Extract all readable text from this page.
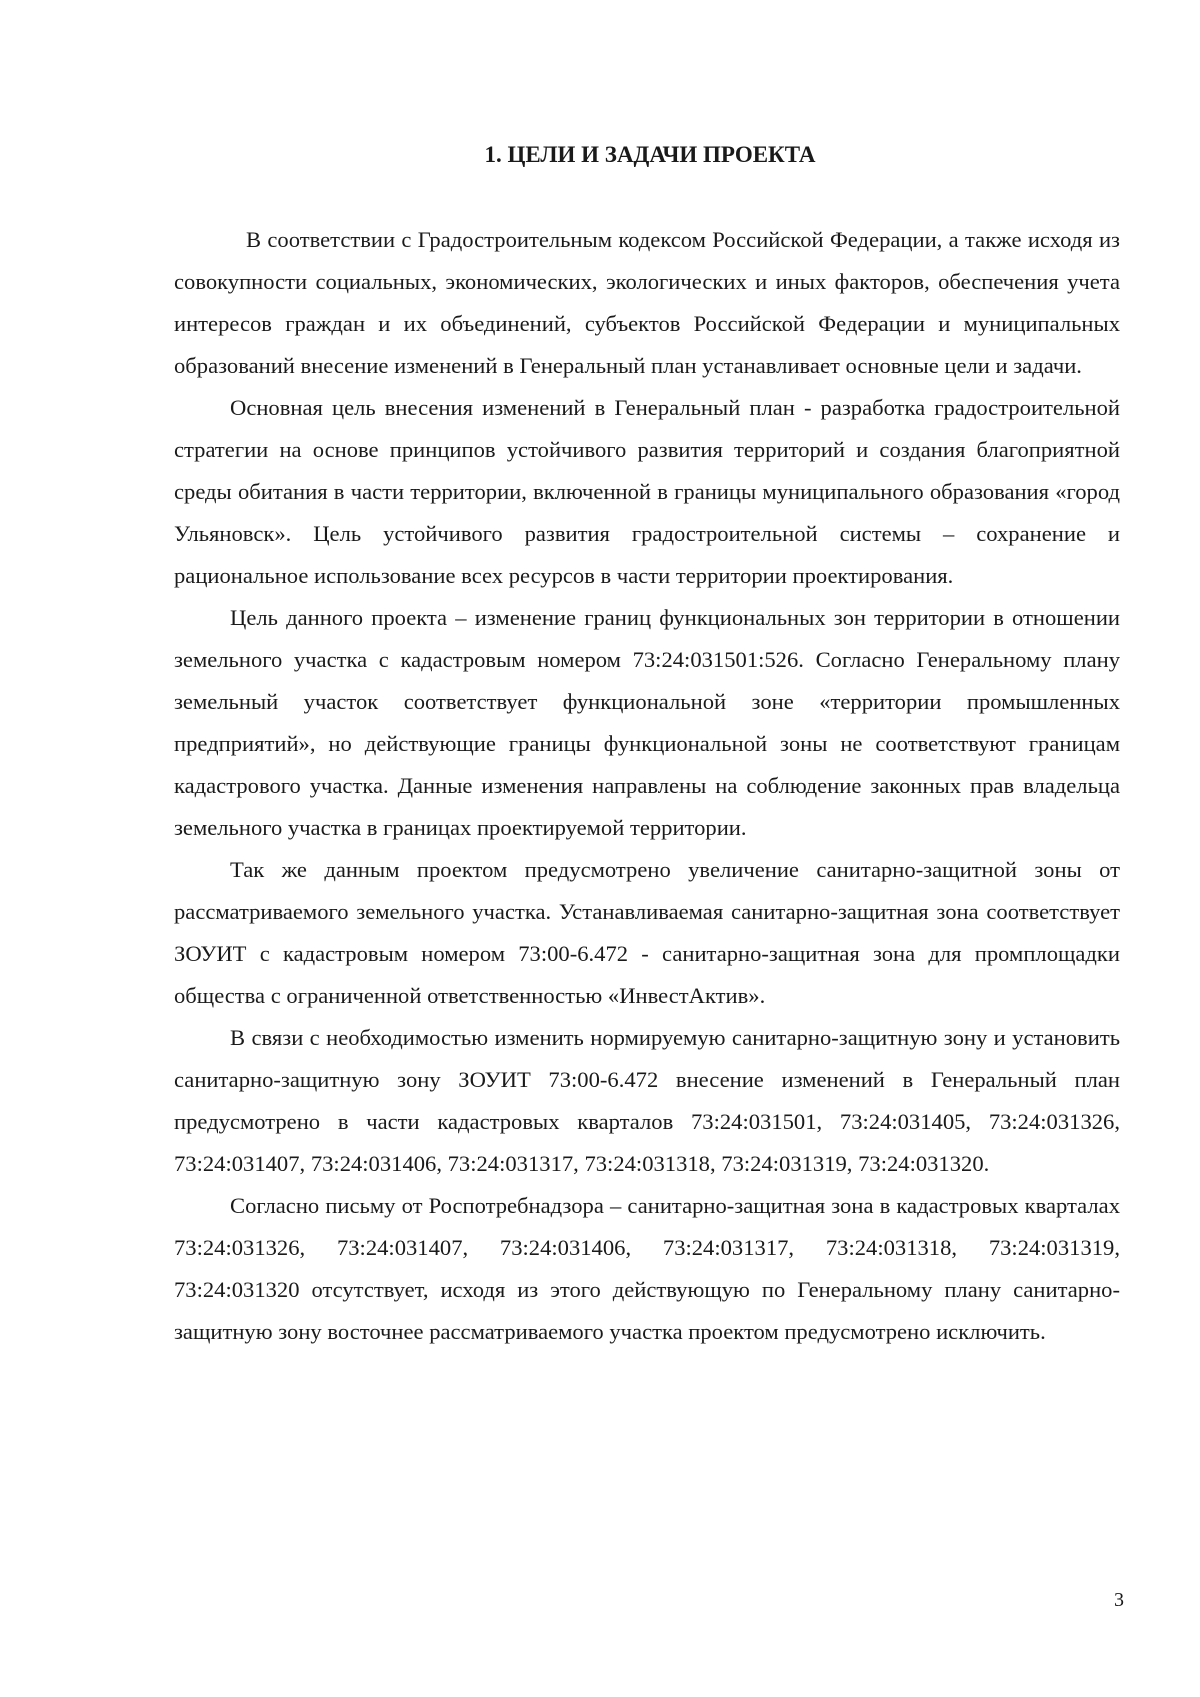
1. ЦЕЛИ И ЗАДАЧИ ПРОЕКТА

В соответствии с Градостроительным кодексом Российской Федерации, а также исходя из совокупности социальных, экономических, экологических и иных факторов, обеспечения учета интересов граждан и их объединений, субъектов Российской Федерации и муниципальных образований внесение изменений в Генеральный план устанавливает основные цели и задачи.

Основная цель внесения изменений в Генеральный план - разработка градостроительной стратегии на основе принципов устойчивого развития территорий и создания благоприятной среды обитания в части территории, включенной в границы муниципального образования «город Ульяновск». Цель устойчивого развития градостроительной системы – сохранение и рациональное использование всех ресурсов в части территории проектирования.

Цель данного проекта – изменение границ функциональных зон территории в отношении земельного участка с кадастровым номером 73:24:031501:526. Согласно Генеральному плану земельный участок соответствует функциональной зоне «территории промышленных предприятий», но действующие границы функциональной зоны не соответствуют границам кадастрового участка. Данные изменения направлены на соблюдение законных прав владельца земельного участка в границах проектируемой территории.

Так же данным проектом предусмотрено увеличение санитарно-защитной зоны от рассматриваемого земельного участка. Устанавливаемая санитарно-защитная зона соответствует ЗОУИТ с кадастровым номером 73:00-6.472 - санитарно-защитная зона для промплощадки общества с ограниченной ответственностью «ИнвестАктив».

В связи с необходимостью изменить нормируемую санитарно-защитную зону и установить санитарно-защитную зону ЗОУИТ 73:00-6.472 внесение изменений в Генеральный план предусмотрено в части кадастровых кварталов 73:24:031501, 73:24:031405, 73:24:031326, 73:24:031407, 73:24:031406, 73:24:031317, 73:24:031318, 73:24:031319, 73:24:031320.

Согласно письму от Роспотребнадзора – санитарно-защитная зона в кадастровых кварталах 73:24:031326, 73:24:031407, 73:24:031406, 73:24:031317, 73:24:031318, 73:24:031319, 73:24:031320 отсутствует, исходя из этого действующую по Генеральному плану санитарно-защитную зону восточнее рассматриваемого участка проектом предусмотрено исключить.

3
